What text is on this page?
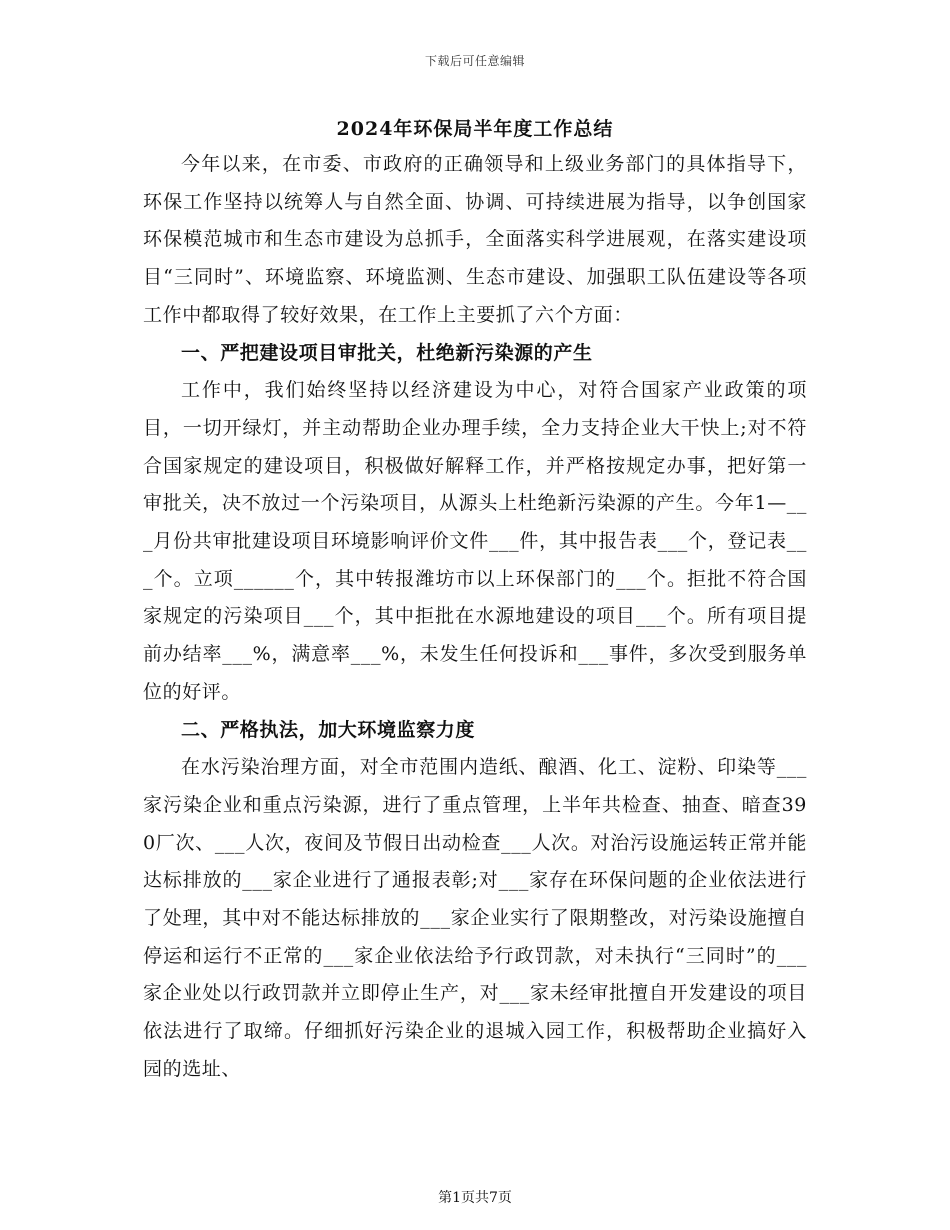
下载后可任意编辑
2024年环保局半年度工作总结

今年以来，在市委、市政府的正确领导和上级业务部门的具体指导下，环保工作坚持以统筹人与自然全面、协调、可持续进展为指导，以争创国家环保模范城市和生态市建设为总抓手，全面落实科学进展观，在落实建设项目“三同时”、环境监察、环境监测、生态市建设、加强职工队伍建设等各项工作中都取得了较好效果，在工作上主要抓了六个方面：

一、严把建设项目审批关，杜绝新污染源的产生

工作中，我们始终坚持以经济建设为中心，对符合国家产业政策的项目，一切开绿灯，并主动帮助企业办理手续，全力支持企业大干快上;对不符合国家规定的建设项目，积极做好解释工作，并严格按规定办事，把好第一审批关，决不放过一个污染项目，从源头上杜绝新污染源的产生。今年1—___月份共审批建设项目环境影响评价文件___件，其中报告表___个，登记表___个。立项______个，其中转报潍坊市以上环保部门的___个。拒批不符合国家规定的污染项目___个，其中拒批在水源地建设的项目___个。所有项目提前办结率___%，满意率___%，未发生任何投诉和___事件，多次受到服务单位的好评。

二、严格执法，加大环境监察力度

在水污染治理方面，对全市范围内造纸、酿酒、化工、淀粉、印染等___家污染企业和重点污染源，进行了重点管理，上半年共检查、抽查、暗查390厂次、___人次，夜间及节假日出动检查___人次。对治污设施运转正常并能达标排放的___家企业进行了通报表彰;对___家存在环保问题的企业依法进行了处理，其中对不能达标排放的___家企业实行了限期整改，对污染设施擅自停运和运行不正常的___家企业依法给予行政罚款，对未执行“三同时”的___家企业处以行政罚款并立即停止生产，对___家未经审批擅自开发建设的项目依法进行了取缔。仔细抓好污染企业的退城入园工作，积极帮助企业搞好入园的选址、

第1页共7页
